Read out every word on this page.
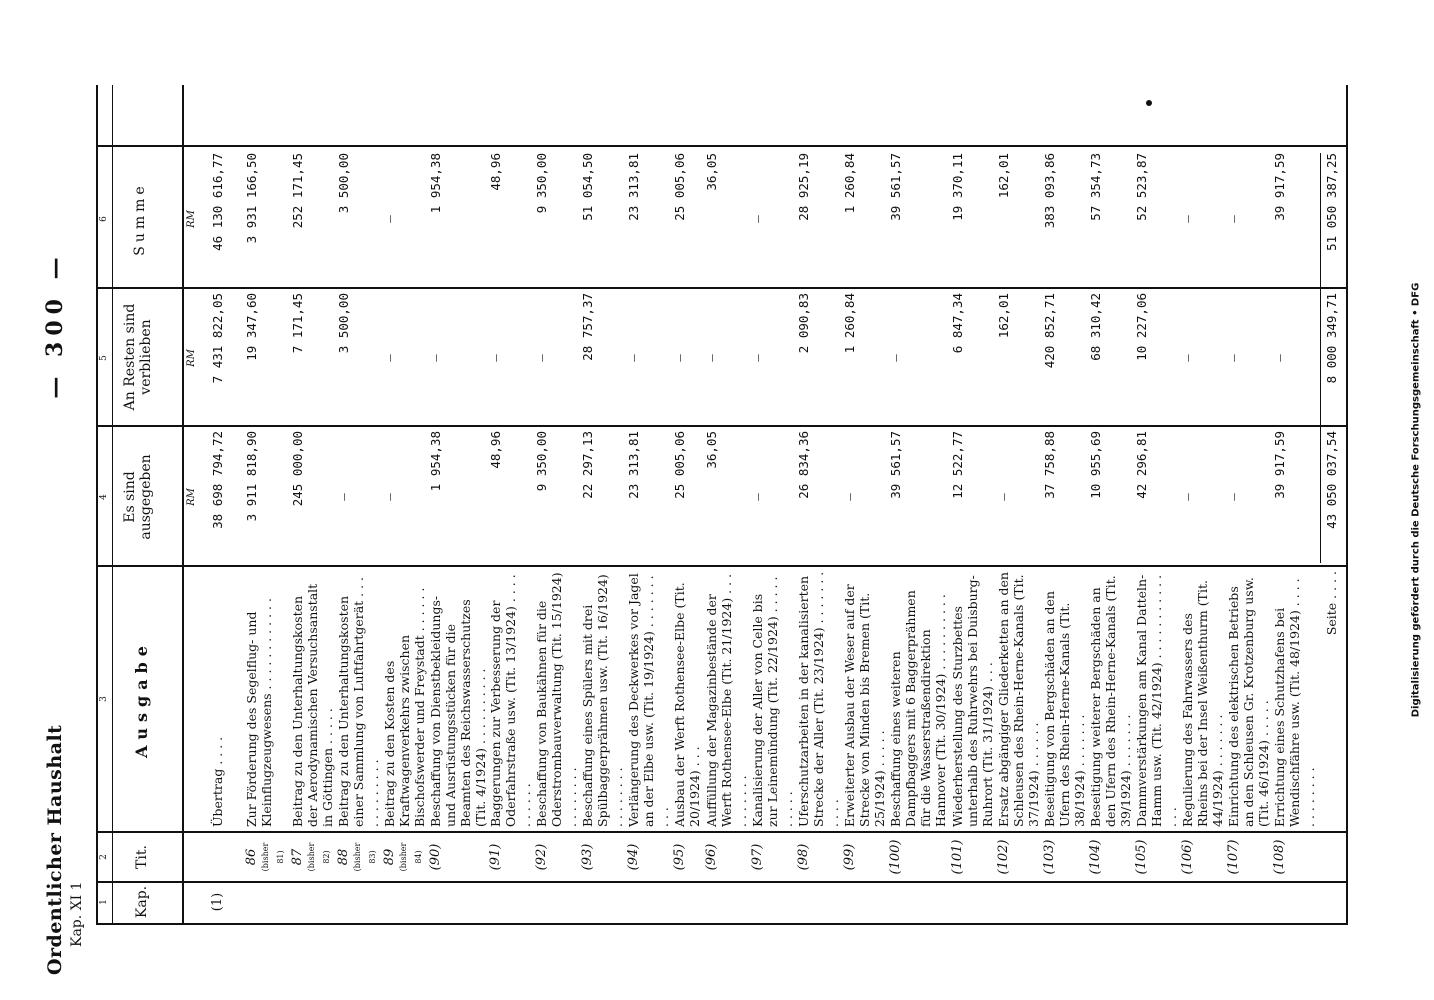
Ordentlicher Haushalt Kap. XI 1
— 300 —
1
2
3
4
5
6
Kap.
Tit.
Ausgabe
Es sind ausgegeben
An Resten sind verblieben
Summe
RM
RM
RM
(1)
Übertrag . . . .
38 698 794,72
7 431 822,05
46 130 616,77
86 (bisher 81)
Zur Förderung des Segelflug- und Kleinflugzeugwesens . . . . . . . . . . . .
3 911 818,90
19 347,60
3 931 166,50
87 (bisher 82)
Beitrag zu den Unterhaltungskosten der Aerodynamischen Versuchsanstalt in Göttingen . . . . .
245 000,00
7 171,45
252 171,45
88 (bisher 83)
Beitrag zu den Unterhaltungskosten einer Sammlung von Luftfahrtgerät . . . . . . . . . . . .
—
3 500,00
3 500,00
89 (bisher 84)
Beitrag zu den Kosten des Kraftwagenverkehrs zwischen Bischofswerder und Freystadt . . . . . .
—
—
—
(90)
Beschaffung von Dienstbekleidungs- und Ausrüstungsstücken für die Beamten des Reichswasserschutzes (Tit. 4/1924) . . . . . . . . . .
1 954,38
—
1 954,38
(91)
Baggerungen zur Verbesserung der Oderfahrstraße usw. (Tit. 13/1924) . . . . . . . . . .
48,96
—
48,96
(92)
Beschaffung von Baukähnen für die Oderstrombauverwaltung (Tit. 15/1924) . . . . . . . .
9 350,00
—
9 350,00
(93)
Beschaffung eines Spülers mit drei Spülbaggerprähmen usw. (Tit. 16/1924) . . . . . . . .
22 297,13
28 757,37
51 054,50
(94)
Verlängerung des Deckwerkes vor Jagel an der Elbe usw. (Tit. 19/1924) . . . . . . . . . .
23 313,81
—
23 313,81
(95)
Ausbau der Werft Rothensee-Elbe (Tit. 20/1924) . . .
25 005,06
—
25 005,06
(96)
Auffüllung der Magazinbestände der Werft Rothensee-Elbe (Tit. 21/1924) . . . . . . . . . .
36,05
—
36,05
(97)
Kanalisierung der Aller von Celle bis zur Leinemündung (Tit. 22/1924) . . . . . . . . . .
—
—
—
(98)
Uferschutzarbeiten in der kanalisierten Strecke der Aller (Tit. 23/1924) . . . . . . . . . . .
26 834,36
2 090,83
28 925,19
(99)
Erweiterter Ausbau der Weser auf der Strecke von Minden bis Bremen (Tit. 25/1924) . . . . .
—
1 260,84
1 260,84
(100)
Beschaffung eines weiteren Dampfbaggers mit 6 Baggerprähmen für die Wasserstraßendirektion Hannover (Tit. 30/1924) . . . . . . . . . .
39 561,57
—
39 561,57
(101)
Wiederherstellung des Sturzbettes unterhalb des Ruhrwehrs bei Duisburg-Ruhrort (Tit. 31/1924) . . .
12 522,77
6 847,34
19 370,11
(102)
Ersatz abgängiger Gliederketten an den Schleusen des Rhein-Herne-Kanals (Tit. 37/1924) . . . . . .
—
162,01
162,01
(103)
Beseitigung von Bergschäden an den Ufern des Rhein-Herne-Kanals (Tit. 38/1924) . . . . . . .
37 758,88
420 852,71
383 093,86
(104)
Beseitigung weiterer Bergschäden an den Ufern des Rhein-Herne-Kanals (Tit. 39/1924) . . . . . . .
10 955,69
68 310,42
57 354,73
(105)
Dammverstärkungen am Kanal Datteln-Hamm usw. (Tit. 42/1924) . . . . . . . . . . . . . .
42 296,81
10 227,06
52 523,87
(106)
Regulierung des Fahrwassers des Rheins bei der Insel Weißenthurm (Tit. 44/1924) . . . . . . .
—
—
—
(107)
Einrichtung des elektrischen Betriebs an den Schleusen Gr. Krotzenburg usw. (Tit. 46/1924) . . . . .
—
—
—
(108)
Errichtung eines Schutzhafens bei Wendischfähre usw. (Tit. 48/1924) . . . . . . . . . . . .
39 917,59
—
39 917,59
Seite . . . .
43 050 037,54
8 000 349,71
51 050 387,25
Digitalisierung gefördert durch die Deutsche Forschungsgemeinschaft • DFG
